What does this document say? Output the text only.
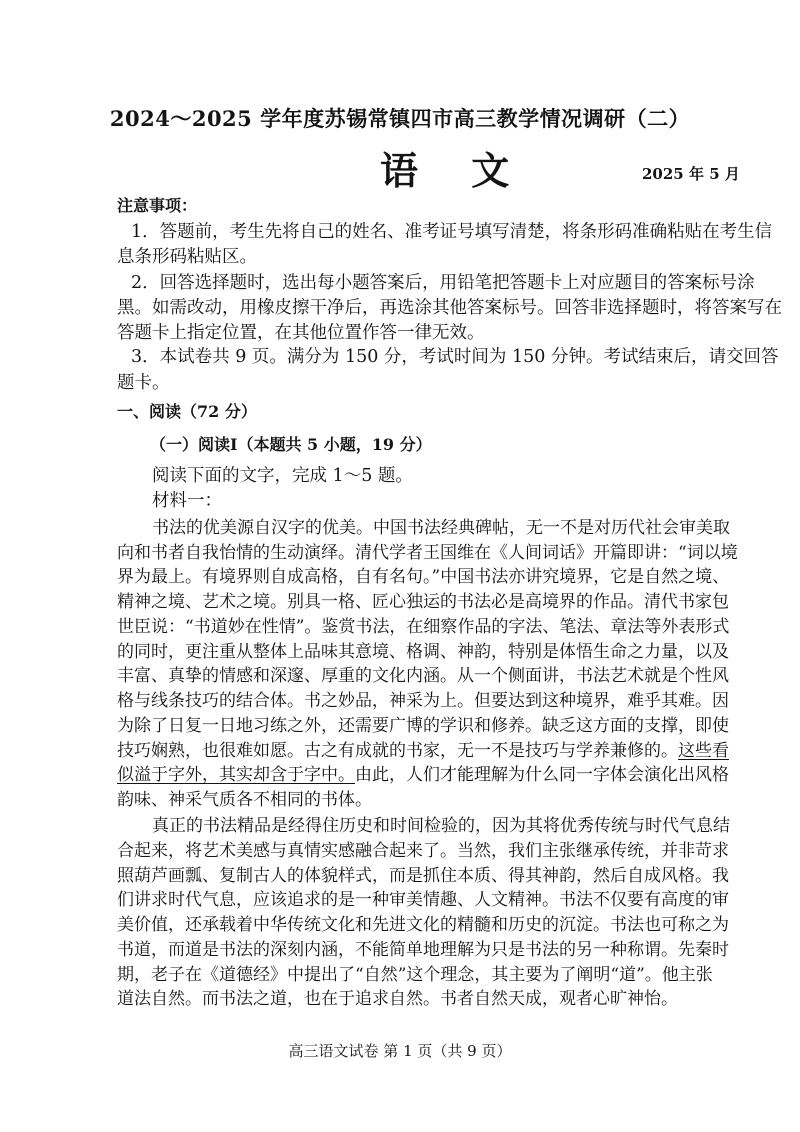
2024～2025 学年度苏锡常镇四市高三教学情况调研（二）
语 文	2025 年 5 月
注意事项：
1．答题前，考生先将自己的姓名、准考证号填写清楚，将条形码准确粘贴在考生信
息条形码粘贴区。
2．回答选择题时，选出每小题答案后，用铅笔把答题卡上对应题目的答案标号涂
黑。如需改动，用橡皮擦干净后，再选涂其他答案标号。回答非选择题时，将答案写在
答题卡上指定位置，在其他位置作答一律无效。
3．本试卷共 9 页。满分为 150 分，考试时间为 150 分钟。考试结束后，请交回答
题卡。
一、阅读（72 分）
（一）阅读Ⅰ（本题共 5 小题，19 分）
阅读下面的文字，完成 1～5 题。
材料一：
书法的优美源自汉字的优美。中国书法经典碑帖，无一不是对历代社会审美取
向和书者自我怡情的生动演绎。清代学者王国维在《人间词话》开篇即讲：“词以境
界为最上。有境界则自成高格，自有名句。”中国书法亦讲究境界，它是自然之境、
精神之境、艺术之境。别具一格、匠心独运的书法必是高境界的作品。清代书家包
世臣说：“书道妙在性情”。鉴赏书法，在细察作品的字法、笔法、章法等外表形式
的同时，更注重从整体上品味其意境、格调、神韵，特别是体悟生命之力量，以及
丰富、真挚的情感和深邃、厚重的文化内涵。从一个侧面讲，书法艺术就是个性风
格与线条技巧的结合体。书之妙品，神采为上。但要达到这种境界，难乎其难。因
为除了日复一日地习练之外，还需要广博的学识和修养。缺乏这方面的支撑，即使
技巧娴熟，也很难如愿。古之有成就的书家，无一不是技巧与学养兼修的。这些看
似溢于字外，其实却含于字中。由此，人们才能理解为什么同一字体会演化出风格
韵味、神采气质各不相同的书体。
真正的书法精品是经得住历史和时间检验的，因为其将优秀传统与时代气息结
合起来，将艺术美感与真情实感融合起来了。当然，我们主张继承传统，并非苛求
照葫芦画瓢、复制古人的体貌样式，而是抓住本质、得其神韵，然后自成风格。我
们讲求时代气息，应该追求的是一种审美情趣、人文精神。书法不仅要有高度的审
美价值，还承载着中华传统文化和先进文化的精髓和历史的沉淀。书法也可称之为
书道，而道是书法的深刻内涵，不能简单地理解为只是书法的另一种称谓。先秦时
期，老子在《道德经》中提出了“自然”这个理念，其主要为了阐明“道”。他主张
道法自然。而书法之道，也在于追求自然。书者自然天成，观者心旷神怡。
高三语文试卷 第 1 页（共 9 页）
